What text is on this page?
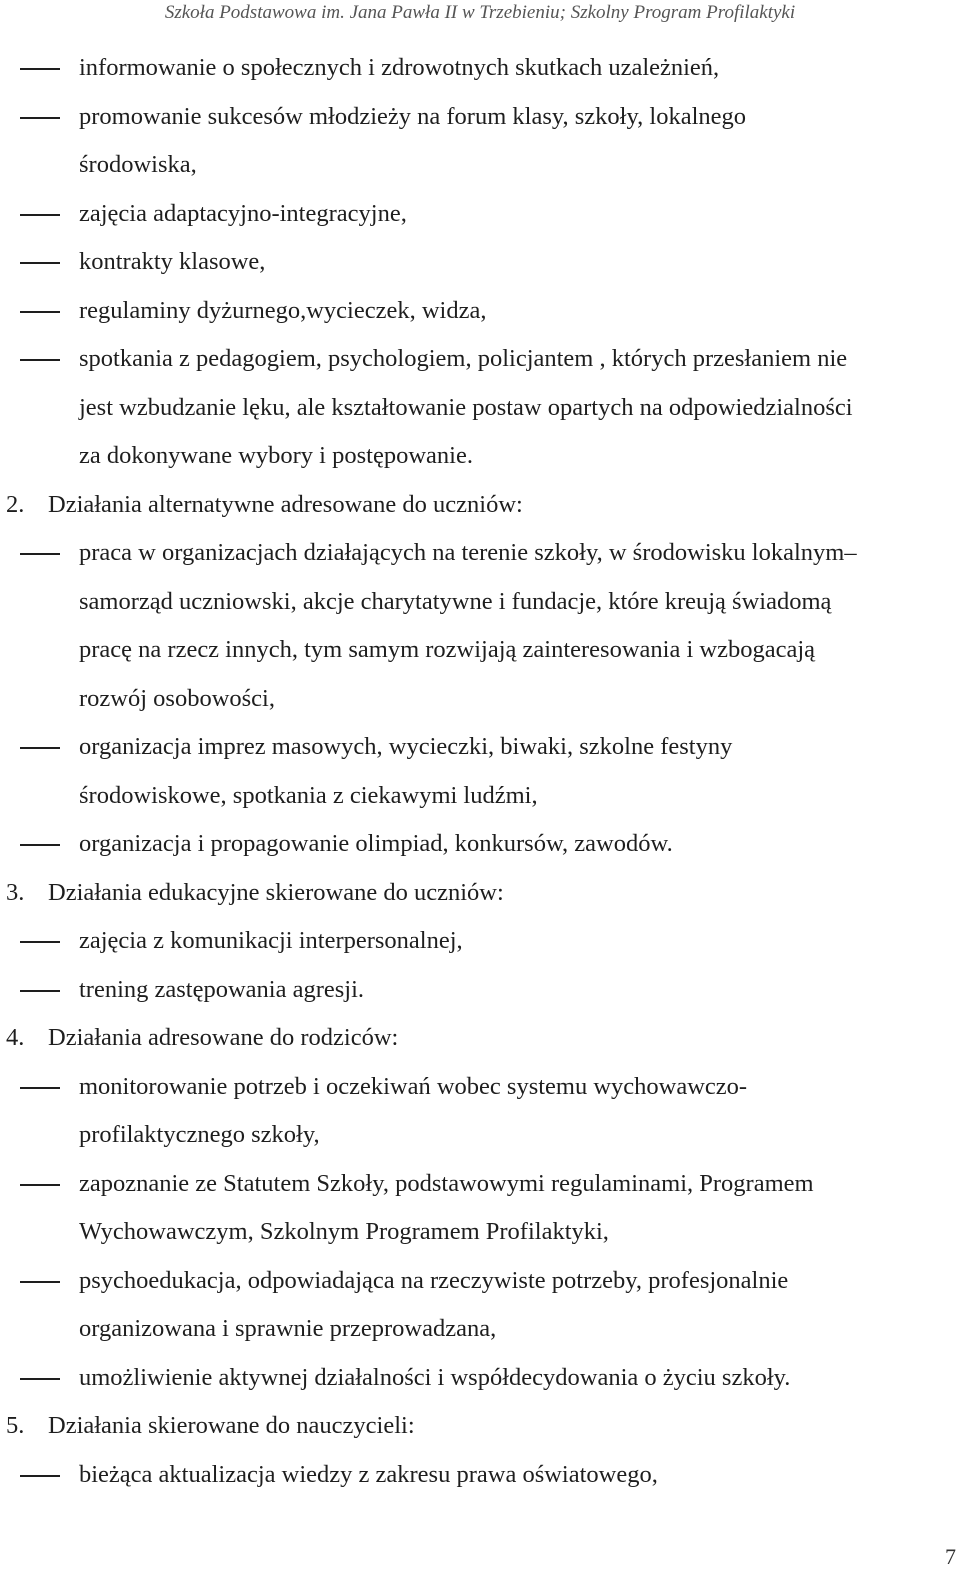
Szkoła Podstawowa im. Jana Pawła II w Trzebieniu; Szkolny Program Profilaktyki
informowanie o społecznych i zdrowotnych skutkach uzależnień,
promowanie sukcesów młodzieży na forum klasy, szkoły, lokalnego
środowiska,
zajęcia adaptacyjno-integracyjne,
kontrakty klasowe,
regulaminy dyżurnego,wycieczek, widza,
spotkania z pedagogiem, psychologiem, policjantem , których przesłaniem nie
jest wzbudzanie lęku, ale kształtowanie postaw opartych na odpowiedzialności
za dokonywane wybory i postępowanie.
2. Działania alternatywne adresowane do uczniów:
praca w organizacjach działających na terenie szkoły, w środowisku lokalnym–
samorząd uczniowski, akcje charytatywne i fundacje, które kreują świadomą
pracę na rzecz innych, tym samym rozwijają zainteresowania i wzbogacają
rozwój osobowości,
organizacja imprez masowych, wycieczki, biwaki, szkolne festyny
środowiskowe, spotkania z ciekawymi ludźmi,
organizacja i propagowanie olimpiad, konkursów, zawodów.
3. Działania edukacyjne skierowane do uczniów:
zajęcia z komunikacji interpersonalnej,
trening zastępowania agresji.
4. Działania adresowane do rodziców:
monitorowanie potrzeb i oczekiwań wobec systemu wychowawczo-
profilaktycznego szkoły,
zapoznanie ze Statutem Szkoły, podstawowymi regulaminami, Programem
Wychowawczym, Szkolnym Programem Profilaktyki,
psychoedukacja, odpowiadająca na rzeczywiste potrzeby, profesjonalnie
organizowana i sprawnie przeprowadzana,
umożliwienie aktywnej działalności i współdecydowania o życiu szkoły.
5. Działania skierowane do nauczycieli:
bieżąca aktualizacja wiedzy z zakresu prawa oświatowego,
7
